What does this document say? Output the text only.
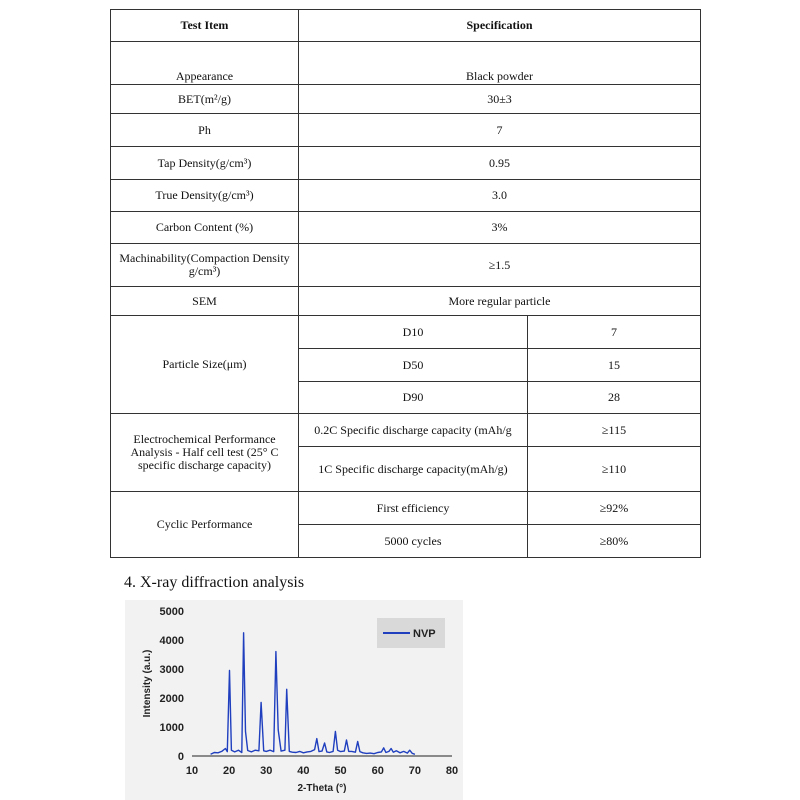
Test Item	Specification	
Appearance	Black powder	
BET(m²/g)	30±3	
Ph	7	
Tap Density(g/cm³)	0.95	
True Density(g/cm³)	3.0	
Carbon Content (%)	3%	
Machinability(Compaction Density g/cm³)	≥1.5	
SEM	More regular particle	
Particle Size(μm)	D10	7
	D50	15
	D90	28
Electrochemical Performance Analysis - Half cell test (25° C specific discharge capacity)	0.2C Specific discharge capacity (mAh/g	≥115
	1C Specific discharge capacity(mAh/g)	≥110
Cyclic Performance	First efficiency	≥92%
	5000 cycles	≥80%
4. X-ray diffraction analysis
0
1000
2000
3000
4000
5000
10 20 30 40 50 60 70 80
2-Theta (°)
Intensity (a.u.)
NVP
